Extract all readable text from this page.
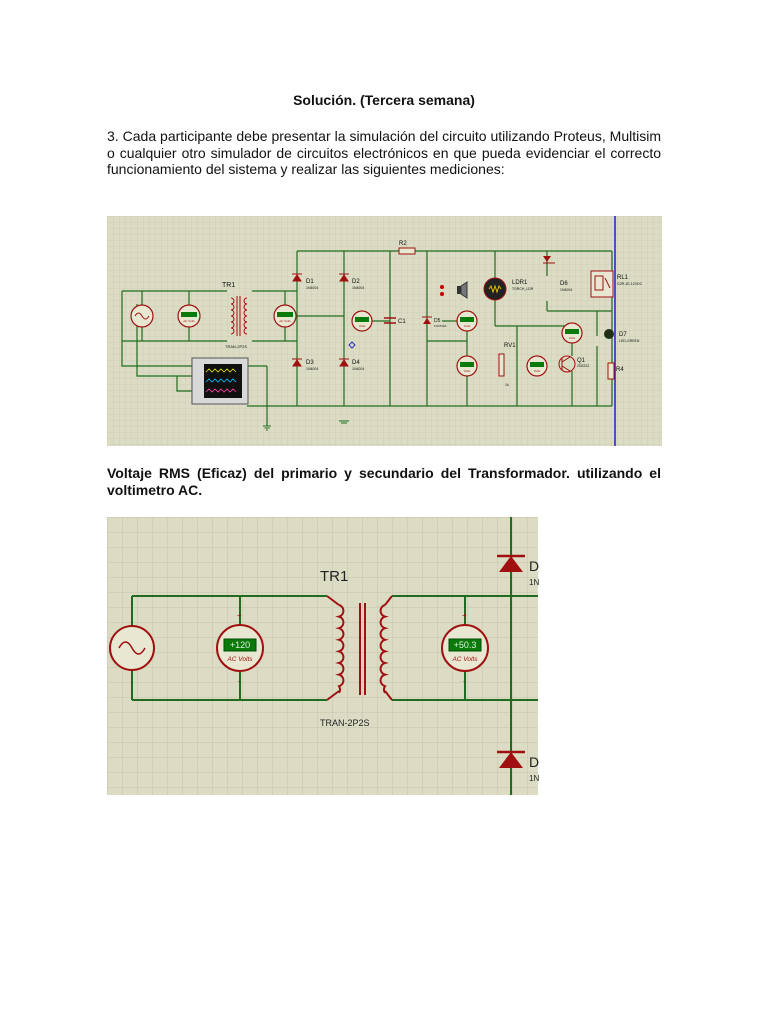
Solución. (Tercera semana)
3. Cada participante debe presentar la simulación del circuito utilizando Proteus, Multisim o cualquier otro simulador de circuitos electrónicos en que pueda evidenciar el correcto funcionamiento del sistema y realizar las siguientes mediciones:
AC Volts	AC Volts
TR1
TRAN-2P2S
D1
1N4004
D2
1N4004
D3
1N4004
D4
1N4004
R2
Volts
C1	D5
1N4733A	Volts
LDR1
TORCH_LDR
D6
1N4004
RL1
G2R-1E-12VDC
Volts	D7
LED-GREEN
Q1
2N2222
R4
Volts	Volts
RV1
1k
Voltaje RMS (Eficaz) del primario y secundario del Transformador. utilizando el voltimetro AC.
+120
AC Volts
+
-
+50.3
AC Volts
+
-
TR1
TRAN-2P2S
D
1N
D
1N
